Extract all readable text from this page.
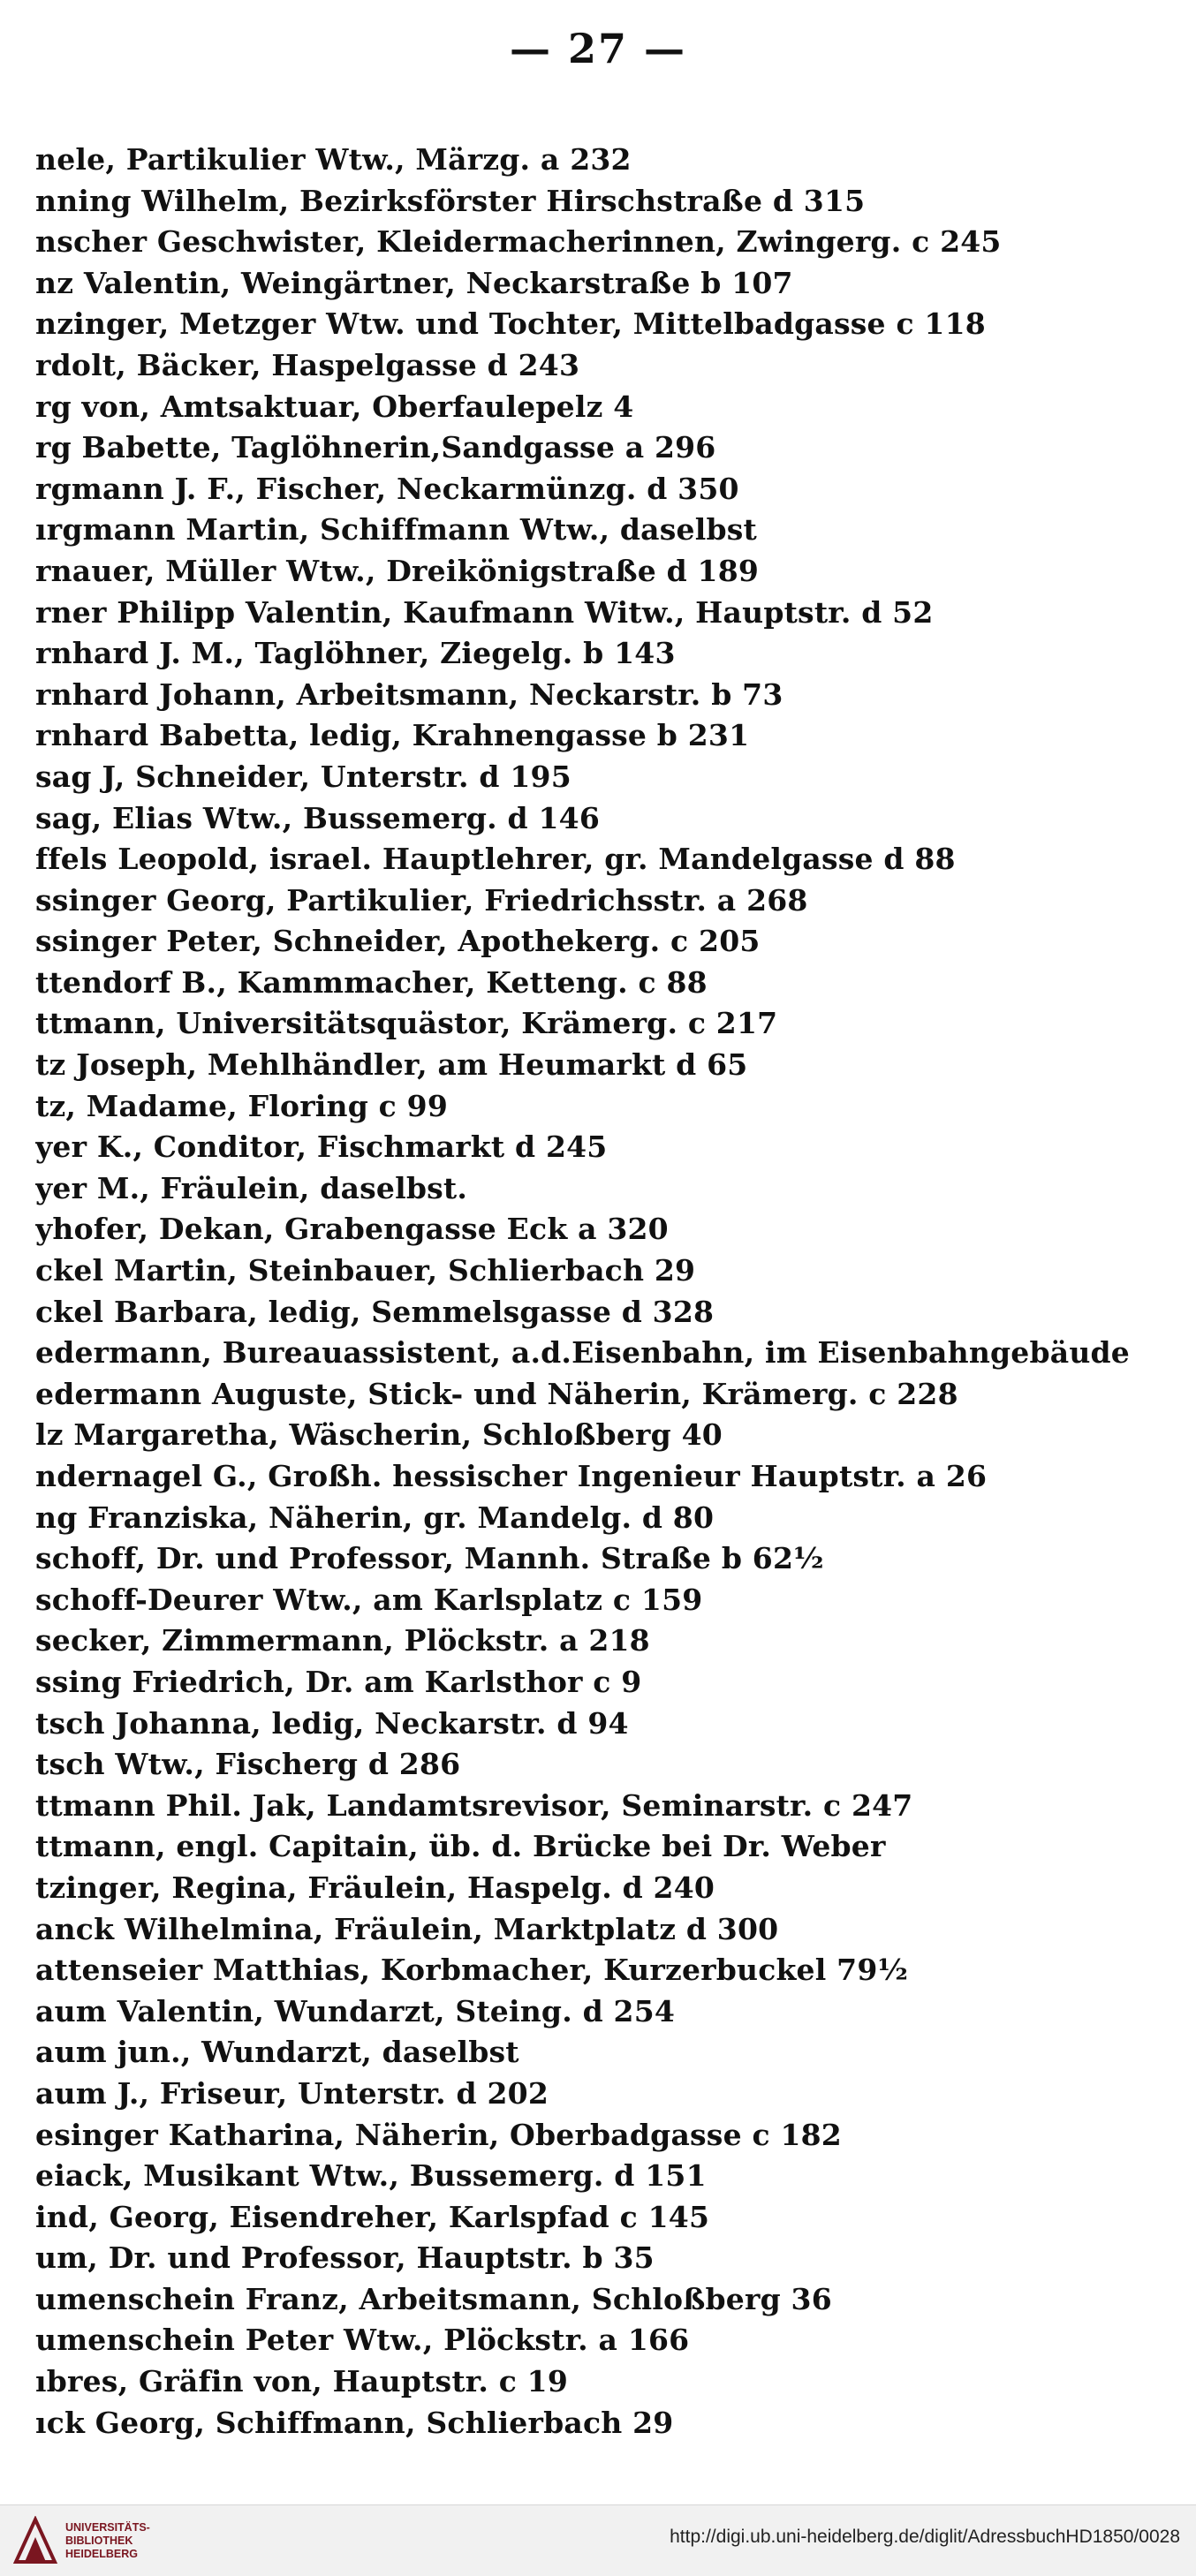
— 27 —
nele, Partikulier Wtw., Märzg. a 232
nning Wilhelm, Bezirksförster Hirschstraße d 315
nscher Geschwister, Kleidermacherinnen, Zwingerg. c 245
nz Valentin, Weingärtner, Neckarstraße b 107
nzinger, Metzger Wtw. und Tochter, Mittelbadgasse c 118
rdolt, Bäcker, Haspelgasse d 243
rg von, Amtsaktuar, Oberfaulepelz 4
rg Babette, Taglöhnerin,Sandgasse a 296
rgmann J. F., Fischer, Neckarmünzg. d 350
ırgmann Martin, Schiffmann Wtw., daselbst
rnauer, Müller Wtw., Dreikönigstraße d 189
rner Philipp Valentin, Kaufmann Witw., Hauptstr. d 52
rnhard J. M., Taglöhner, Ziegelg. b 143
rnhard Johann, Arbeitsmann, Neckarstr. b 73
rnhard Babetta, ledig, Krahnengasse b 231
sag J, Schneider, Unterstr. d 195
sag, Elias Wtw., Bussemerg. d 146
ffels Leopold, israel. Hauptlehrer, gr. Mandelgasse d 88
ssinger Georg, Partikulier, Friedrichsstr. a 268
ssinger Peter, Schneider, Apothekerg. c 205
ttendorf B., Kammmacher, Ketteng. c 88
ttmann, Universitätsquästor, Krämerg. c 217
tz Joseph, Mehlhändler, am Heumarkt d 65
tz, Madame, Floring c 99
yer K., Conditor, Fischmarkt d 245
yer M., Fräulein, daselbst.
yhofer, Dekan, Grabengasse Eck a 320
ckel Martin, Steinbauer, Schlierbach 29
ckel Barbara, ledig, Semmelsgasse d 328
edermann, Bureauassistent, a.d.Eisenbahn, im Eisenbahngebäude
edermann Auguste, Stick- und Näherin, Krämerg. c 228
lz Margaretha, Wäscherin, Schloßberg 40
ndernagel G., Großh. hessischer Ingenieur Hauptstr. a 26
ng Franziska, Näherin, gr. Mandelg. d 80
schoff, Dr. und Professor, Mannh. Straße b 62½
schoff-Deurer Wtw., am Karlsplatz c 159
secker, Zimmermann, Plöckstr. a 218
ssing Friedrich, Dr. am Karlsthor c 9
tsch Johanna, ledig, Neckarstr. d 94
tsch Wtw., Fischerg d 286
ttmann Phil. Jak, Landamtsrevisor, Seminarstr. c 247
ttmann, engl. Capitain, üb. d. Brücke bei Dr. Weber
tzinger, Regina, Fräulein, Haspelg. d 240
anck Wilhelmina, Fräulein, Marktplatz d 300
attenseier Matthias, Korbmacher, Kurzerbuckel 79½
aum Valentin, Wundarzt, Steing. d 254
aum jun., Wundarzt, daselbst
aum J., Friseur, Unterstr. d 202
esinger Katharina, Näherin, Oberbadgasse c 182
eiack, Musikant Wtw., Bussemerg. d 151
ind, Georg, Eisendreher, Karlspfad c 145
um, Dr. und Professor, Hauptstr. b 35
umenschein Franz, Arbeitsmann, Schloßberg 36
umenschein Peter Wtw., Plöckstr. a 166
ıbres, Gräfin von, Hauptstr. c 19
ıck Georg, Schiffmann, Schlierbach 29
UNIVERSITÄTS-
BIBLIOTHEK
HEIDELBERG
http://digi.ub.uni-heidelberg.de/diglit/AdressbuchHD1850/0028
